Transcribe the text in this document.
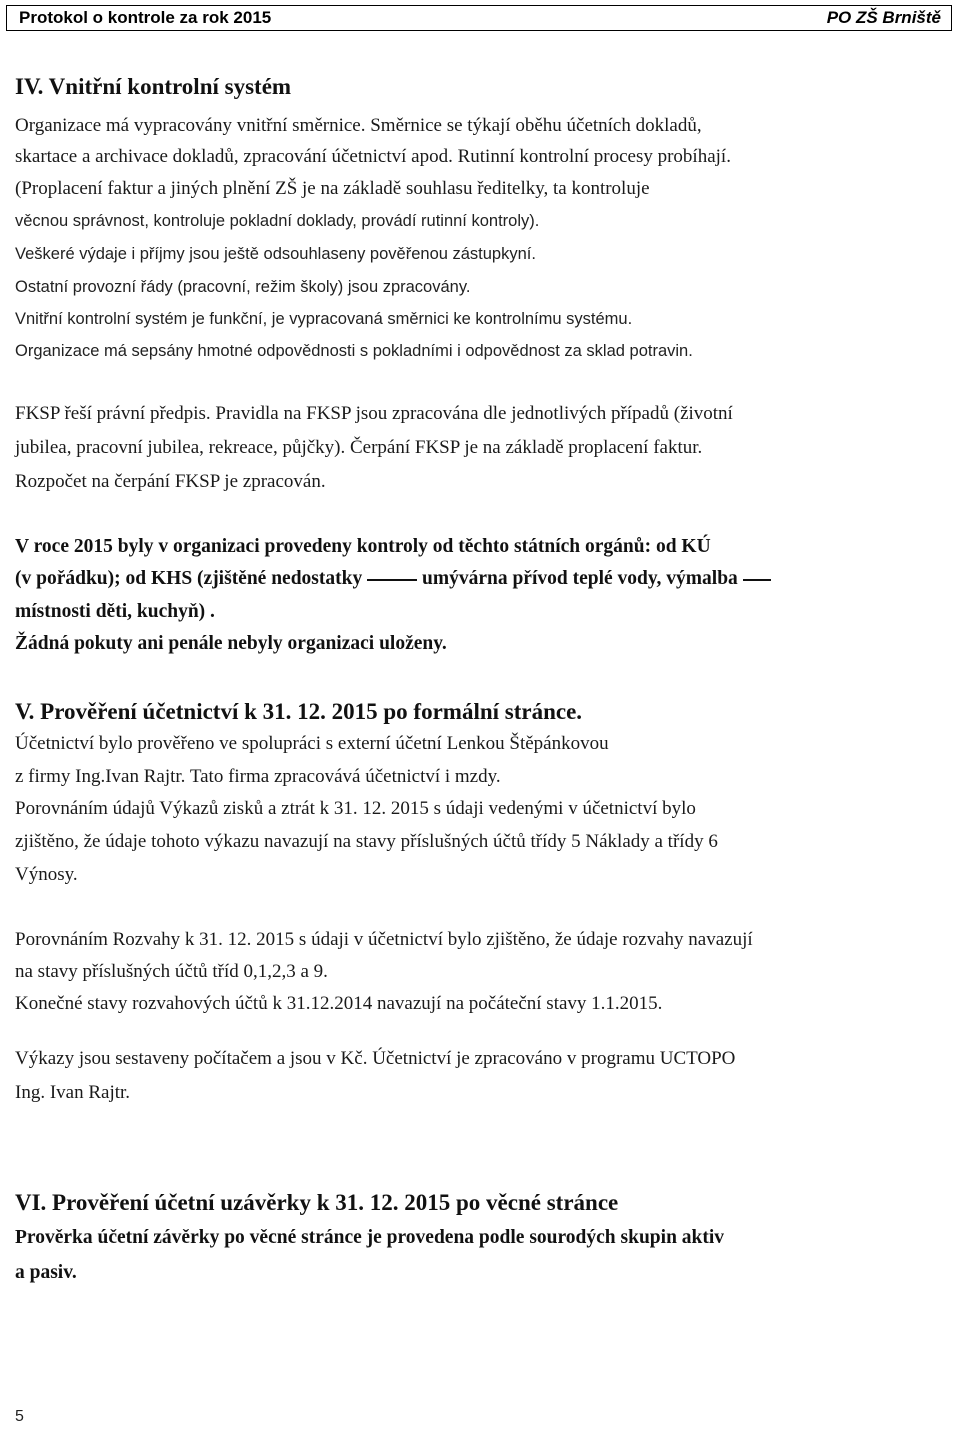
Protokol o kontrole za rok 2015	PO ZŠ Brniště
IV. Vnitřní kontrolní systém
Organizace má vypracovány vnitřní směrnice. Směrnice se týkají oběhu účetních dokladů,
skartace a archivace dokladů, zpracování účetnictví apod. Rutinní kontrolní procesy probíhají.
(Proplacení faktur a jiných plnění ZŠ je na základě souhlasu ředitelky, ta kontroluje
věcnou správnost, kontroluje pokladní doklady, provádí rutinní kontroly).
Veškeré výdaje i příjmy jsou ještě odsouhlaseny pověřenou zástupkyní.
Ostatní provozní řády (pracovní, režim školy) jsou zpracovány.
Vnitřní kontrolní systém je funkční, je vypracovaná směrnici ke kontrolnímu systému.
Organizace má sepsány hmotné odpovědnosti s pokladními i odpovědnost za sklad potravin.
FKSP řeší právní předpis. Pravidla na FKSP jsou zpracována dle jednotlivých případů (životní
jubilea, pracovní jubilea, rekreace, půjčky). Čerpání FKSP je na základě proplacení faktur.
Rozpočet na čerpání FKSP je zpracován.
V roce 2015 byly v organizaci provedeny kontroly od těchto státních orgánů: od KÚ
(v pořádku); od KHS (zjištěné nedostatky	umývárna přívod teplé vody, výmalba
místnosti děti, kuchyň) .
Žádná pokuty ani penále nebyly organizaci uloženy.
V. Prověření účetnictví k 31. 12. 2015 po formální stránce.
Účetnictví bylo prověřeno ve spolupráci s externí účetní Lenkou Štěpánkovou
z firmy Ing.Ivan Rajtr. Tato firma zpracovává účetnictví i mzdy.
Porovnáním údajů Výkazů zisků a ztrát k 31. 12. 2015 s údaji vedenými v účetnictví bylo
zjištěno, že údaje tohoto výkazu navazují na stavy příslušných účtů třídy 5 Náklady a třídy 6
Výnosy.
Porovnáním Rozvahy k 31. 12. 2015 s údaji v účetnictví bylo zjištěno, že údaje rozvahy navazují
na stavy příslušných účtů tříd 0,1,2,3 a 9.
Konečné stavy rozvahových účtů k 31.12.2014 navazují na počáteční stavy 1.1.2015.
Výkazy jsou sestaveny počítačem a jsou v Kč. Účetnictví je zpracováno v programu UCTOPO
Ing. Ivan Rajtr.
VI. Prověření účetní uzávěrky k 31. 12. 2015 po věcné stránce
Prověrka účetní závěrky po věcné stránce je provedena podle sourodých skupin aktiv
a pasiv.
5
